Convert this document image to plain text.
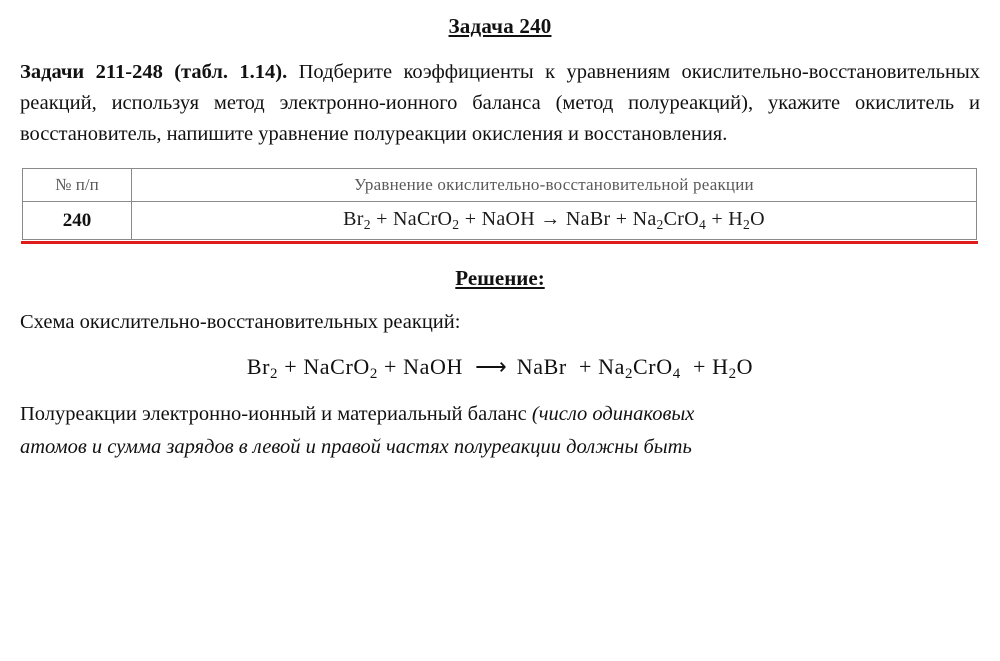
Задача 240
Задачи 211-248 (табл. 1.14). Подберите коэффициенты к уравнениям окислительно-восстановительных реакций, используя метод электронно-ионного баланса (метод полуреакций), укажите окислитель и восстановитель, напишите уравнение полуреакции окисления и восстановления.
№ п/п	Уравнение окислительно-восстановительной реакции
240	$Br_2$ + NaCrO$_2$ + NaOH → NaBr + $Na_2CrO_4 + H_2O$
Решение:
Схема окислительно-восстановительных реакций:
$Br_2$ + NaCrO$_2$ + NaOH ⟶ NaBr  + $Na_2CrO_4 + H_2O$
Полуреакции электронно-ионный и материальный баланс (число одинаковых
атомов и сумма зарядов в левой и правой частях полуреакции должны быть
